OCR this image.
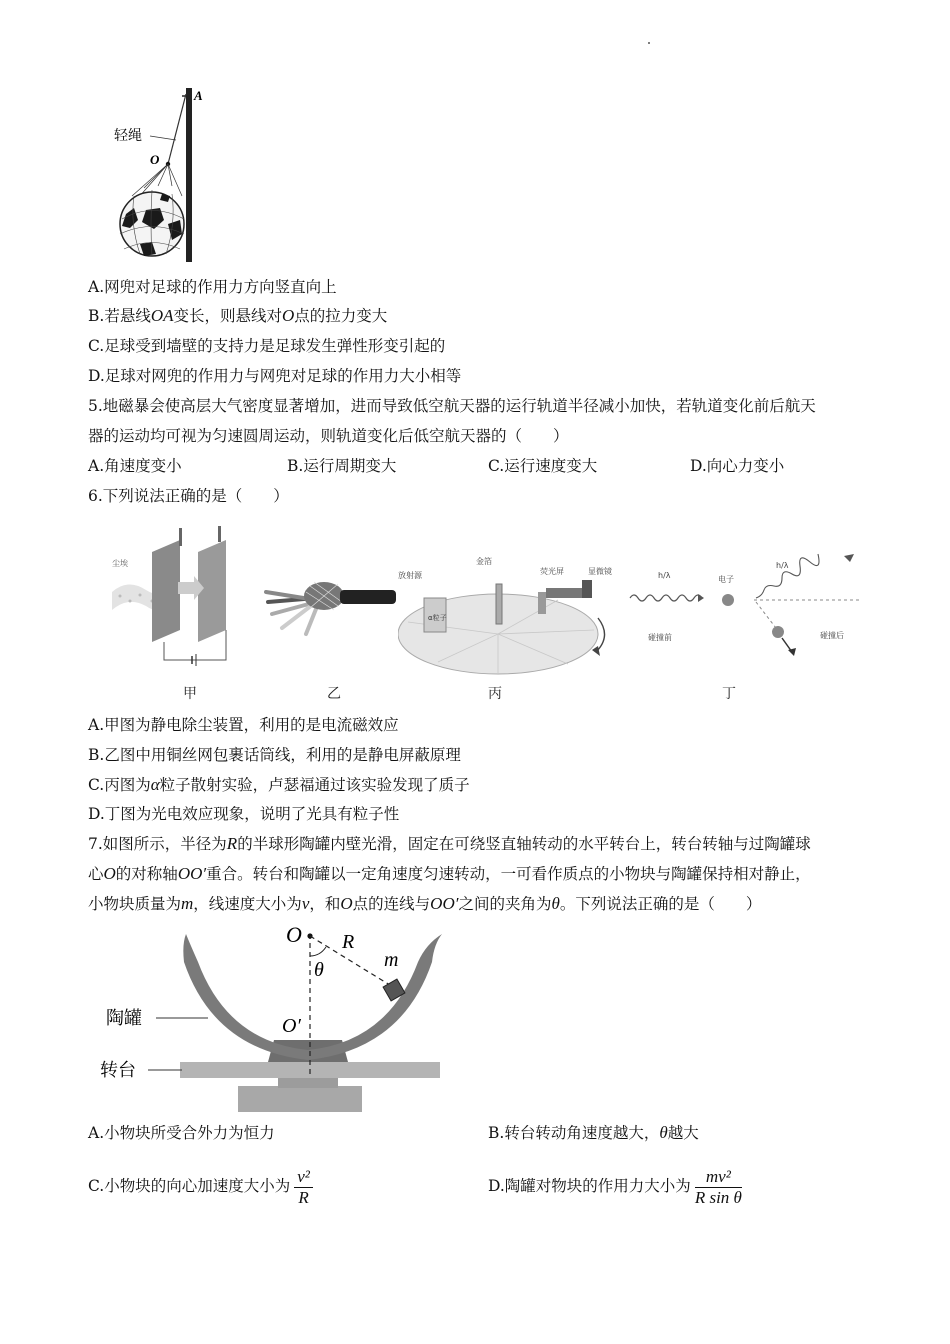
A
轻绳
O
A.网兜对足球的作用力方向竖直向上
B.若悬线OA变长，则悬线对O点的拉力变大
C.足球受到墙壁的支持力是足球发生弹性形变引起的
D.足球对网兜的作用力与网兜对足球的作用力大小相等
5.地磁暴会使高层大气密度显著增加，进而导致低空航天器的运行轨道半径减小加快，若轨道变化前后航天
器的运动均可视为匀速圆周运动，则轨道变化后低空航天器的（　　）
A.角速度变小	B.运行周期变大	C.运行速度变大	D.向心力变小
6.下列说法正确的是（　　）
尘埃
放射源
金箔
荧光屏	显微镜
α粒子
h/λ	电子
碰撞前
h/λ
碰撞后
甲	乙	丙	丁
A.甲图为静电除尘装置，利用的是电流磁效应
B.乙图中用铜丝网包裹话筒线，利用的是静电屏蔽原理
C.丙图为α粒子散射实验，卢瑟福通过该实验发现了质子
D.丁图为光电效应现象，说明了光具有粒子性
7.如图所示，半径为R的半球形陶罐内壁光滑，固定在可绕竖直轴转动的水平转台上，转台转轴与过陶罐球
心O的对称轴OO′重合。转台和陶罐以一定角速度匀速转动，一可看作质点的小物块与陶罐保持相对静止，
小物块质量为m，线速度大小为v，和O点的连线与OO′之间的夹角为θ。下列说法正确的是（　　）
O R
m
θ
O′
陶罐
转台
A.小物块所受合外力为恒力	B.转台转动角速度越大，θ越大
C.小物块的向心加速度大小为 $\frac{\text{v²}}{R}$	D.陶罐对物块的作用力大小为 $\frac{\text{mv²}}{\text{R sin θ}}$
